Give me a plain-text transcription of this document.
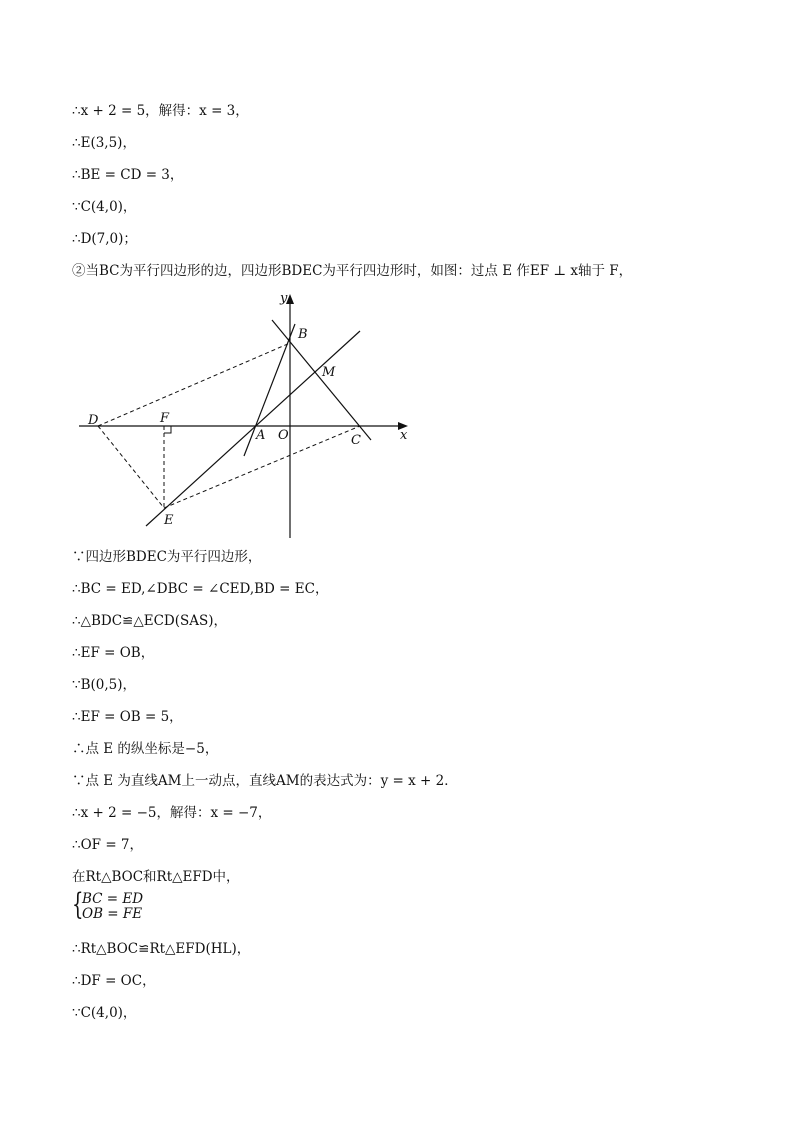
∴x + 2 = 5，解得：x = 3，
∴E(3,5)，
∴BE = CD = 3，
∵C(4,0)，
∴D(7,0)；
②当BC为平行四边形的边，四边形BDEC为平行四边形时，如图：过点 E 作EF ⊥ x轴于 F，
y
x
B
M
D	F
A O	C
E
∵四边形BDEC为平行四边形，
∴BC = ED,∠DBC = ∠CED,BD = EC，
∴△BDC≌△ECD(SAS)，
∴EF = OB，
∵B(0,5)，
∴EF = OB = 5，
∴点 E 的纵坐标是−5，
∵点 E 为直线AM上一动点，直线AM的表达式为：y = x + 2．
∴x + 2 = −5，解得：x = −7，
∴OF = 7，
在Rt△BOC和Rt△EFD中，
{
BC = ED
OB = FE
∴Rt△BOC≌Rt△EFD(HL)，
∴DF = OC，
∵C(4,0)，
